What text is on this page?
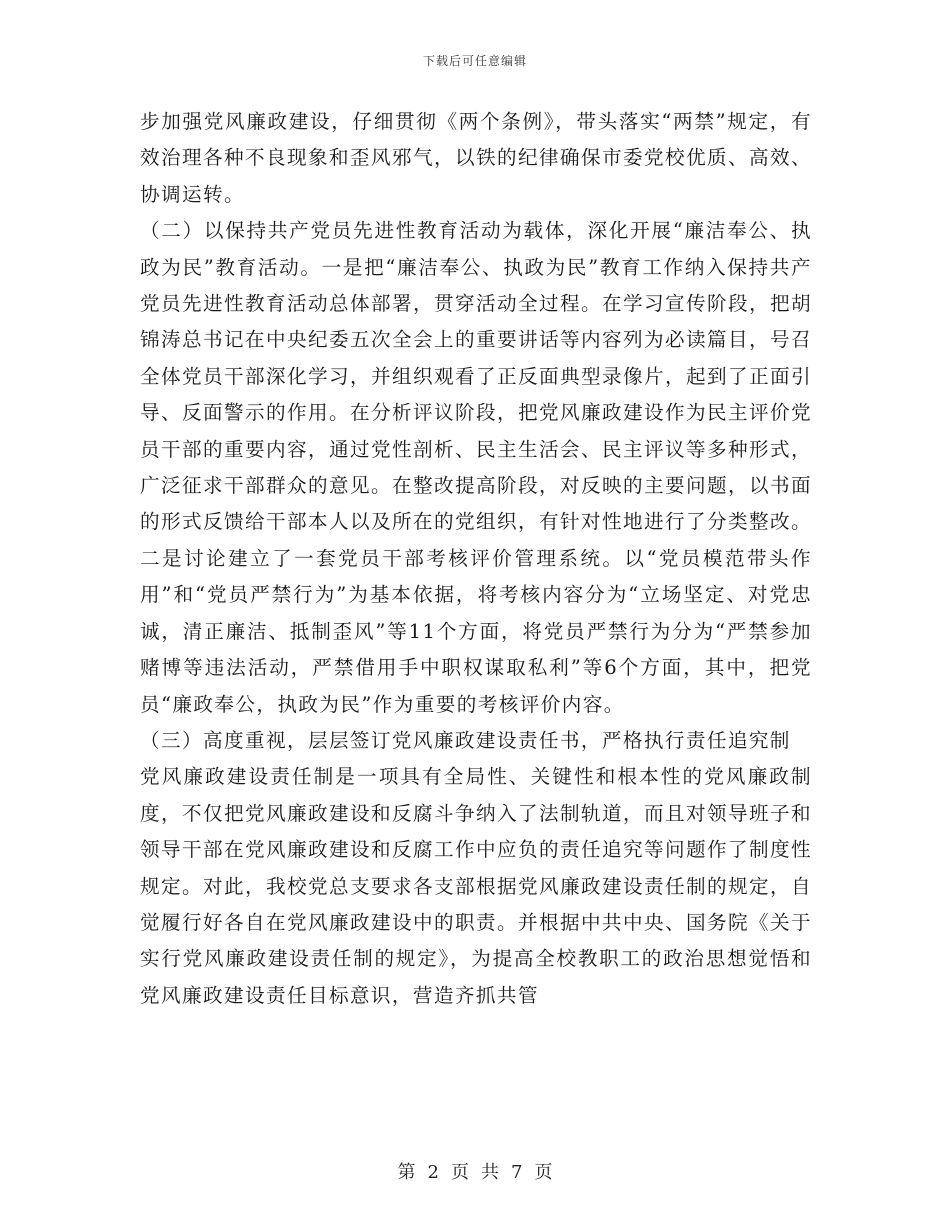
下载后可任意编辑

步加强党风廉政建设，仔细贯彻《两个条例》，带头落实“两禁”规定，有效治理各种不良现象和歪风邪气，以铁的纪律确保市委党校优质、高效、协调运转。

（二）以保持共产党员先进性教育活动为载体，深化开展“廉洁奉公、执政为民”教育活动。一是把“廉洁奉公、执政为民”教育工作纳入保持共产党员先进性教育活动总体部署，贯穿活动全过程。在学习宣传阶段，把胡锦涛总书记在中央纪委五次全会上的重要讲话等内容列为必读篇目，号召全体党员干部深化学习，并组织观看了正反面典型录像片，起到了正面引导、反面警示的作用。在分析评议阶段，把党风廉政建设作为民主评价党员干部的重要内容，通过党性剖析、民主生活会、民主评议等多种形式，广泛征求干部群众的意见。在整改提高阶段，对反映的主要问题，以书面的形式反馈给干部本人以及所在的党组织，有针对性地进行了分类整改。二是讨论建立了一套党员干部考核评价管理系统。以“党员模范带头作用”和“党员严禁行为”为基本依据，将考核内容分为“立场坚定、对党忠诚，清正廉洁、抵制歪风”等11个方面，将党员严禁行为分为“严禁参加赌博等违法活动，严禁借用手中职权谋取私利”等6个方面，其中，把党员“廉政奉公，执政为民”作为重要的考核评价内容。

（三）高度重视，层层签订党风廉政建设责任书，严格执行责任追究制

党风廉政建设责任制是一项具有全局性、关键性和根本性的党风廉政制度，不仅把党风廉政建设和反腐斗争纳入了法制轨道，而且对领导班子和领导干部在党风廉政建设和反腐工作中应负的责任追究等问题作了制度性规定。对此，我校党总支要求各支部根据党风廉政建设责任制的规定，自觉履行好各自在党风廉政建设中的职责。并根据中共中央、国务院《关于实行党风廉政建设责任制的规定》，为提高全校教职工的政治思想觉悟和党风廉政建设责任目标意识，营造齐抓共管

第 2 页 共 7 页
